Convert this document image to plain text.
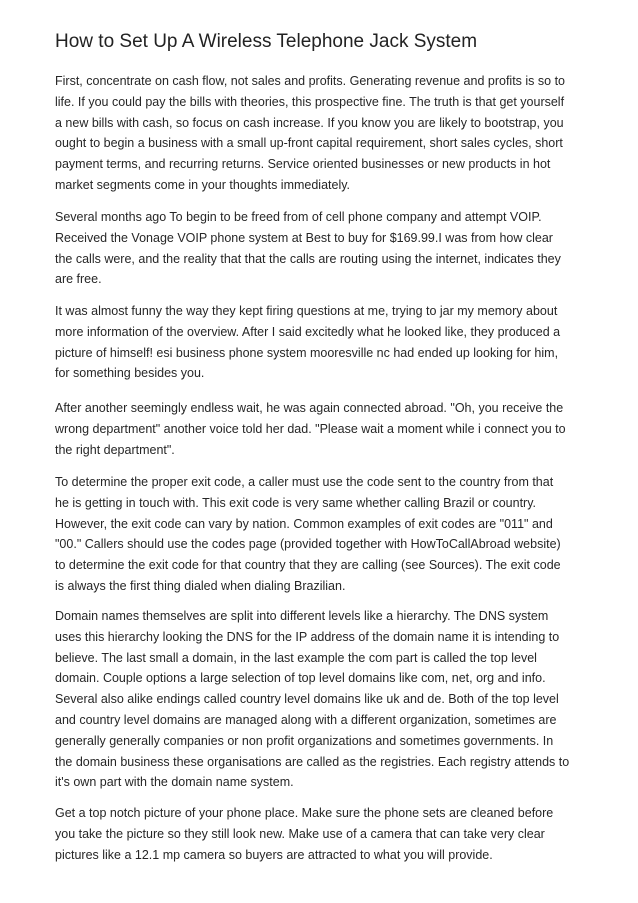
How to Set Up A Wireless Telephone Jack System

First, concentrate on cash flow, not sales and profits. Generating revenue and profits is so to
life. If you could pay the bills with theories, this prospective fine. The truth is that get yourself
a new bills with cash, so focus on cash increase. If you know you are likely to bootstrap, you
ought to begin a business with a small up-front capital requirement, short sales cycles, short
payment terms, and recurring returns. Service oriented businesses or new products in hot
market segments come in your thoughts immediately.

Several months ago To begin to be freed from of cell phone company and attempt VOIP.
Received the Vonage VOIP phone system at Best to buy for $169.99.I was from how clear
the calls were, and the reality that that the calls are routing using the internet, indicates they
are free.

It was almost funny the way they kept firing questions at me, trying to jar my memory about
more information of the overview. After I said excitedly what he looked like, they produced a
picture of himself! esi business phone system mooresville nc had ended up looking for him,
for something besides you.

After another seemingly endless wait, he was again connected abroad. "Oh, you receive the
wrong department" another voice told her dad. "Please wait a moment while i connect you to
the right department".

To determine the proper exit code, a caller must use the code sent to the country from that
he is getting in touch with. This exit code is very same whether calling Brazil or country.
However, the exit code can vary by nation. Common examples of exit codes are "011" and
"00." Callers should use the codes page (provided together with HowToCallAbroad website)
to determine the exit code for that country that they are calling (see Sources). The exit code
is always the first thing dialed when dialing Brazilian.

Domain names themselves are split into different levels like a hierarchy. The DNS system
uses this hierarchy looking the DNS for the IP address of the domain name it is intending to
believe. The last small a domain, in the last example the com part is called the top level
domain. Couple options a large selection of top level domains like com, net, org and info.
Several also alike endings called country level domains like uk and de. Both of the top level
and country level domains are managed along with a different organization, sometimes are
generally generally companies or non profit organizations and sometimes governments. In
the domain business these organisations are called as the registries. Each registry attends to
it's own part with the domain name system.

Get a top notch picture of your phone place. Make sure the phone sets are cleaned before
you take the picture so they still look new. Make use of a camera that can take very clear
pictures like a 12.1 mp camera so buyers are attracted to what you will provide.
